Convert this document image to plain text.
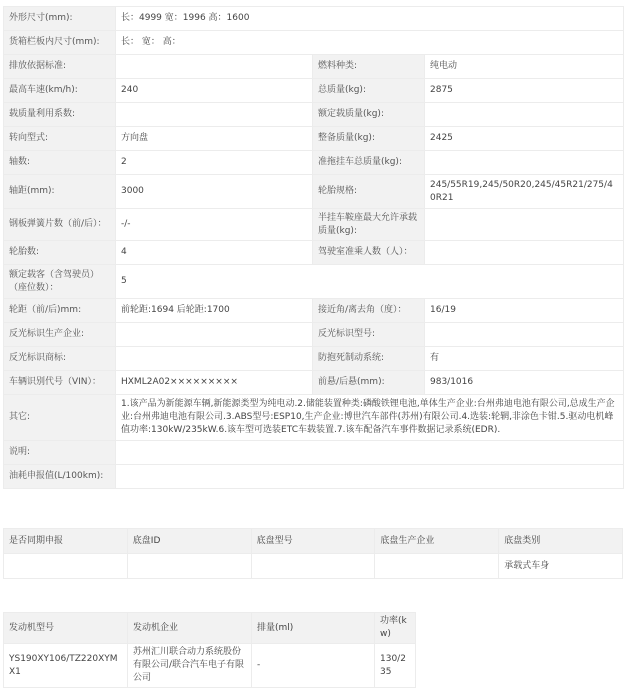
外形尺寸(mm):	长：4999 宽：1996 高：1600		
货箱栏板内尺寸(mm):	长： 宽： 高：		
排放依据标准:		燃料种类:	纯电动
最高车速(km/h):	240	总质量(kg):	2875
载质量利用系数:		额定载质量(kg):	
转向型式:	方向盘	整备质量(kg):	2425
轴数:	2	准拖挂车总质量(kg):	
轴距(mm):	3000	轮胎规格:	245/55R19,245/50R20,245/45R21/275/40R21
钢板弹簧片数（前/后）：	-/-	半挂车鞍座最大允许承载质量(kg):	
轮胎数:	4	驾驶室准乘人数（人）：	
额定载客（含驾驶员）（座位数）：	5		
轮距（前/后)mm:	前轮距:1694 后轮距:1700	接近角/离去角（度）：	16/19
反光标识生产企业:		反光标识型号:	
反光标识商标:		防抱死制动系统:	有
车辆识别代号（VIN）：	HXML2A02×××××××××	前悬/后悬(mm):	983/1016
其它:	1.该产品为新能源车辆,新能源类型为纯电动.2.储能装置种类:磷酸铁锂电池,单体生产企业:台州弗迪电池有限公司,总成生产企业:台州弗迪电池有限公司.3.ABS型号:ESP10,生产企业:博世汽车部件(苏州)有限公司.4.选装:轮辋,非涂色卡钳.5.驱动电机峰值功率:130kW/235kW.6.该车型可选装ETC车载装置.7.该车配备汽车事件数据记录系统(EDR).		
说明:			
油耗申报值(L/100km):			
是否同期申报	底盘ID	底盘型号	底盘生产企业	底盘类别
				承载式车身
发动机型号	发动机企业	排量(ml)	功率(kw)
YS190XY106/TZ220XYMX1	苏州汇川联合动力系统股份有限公司/联合汽车电子有限公司	-	130/235
